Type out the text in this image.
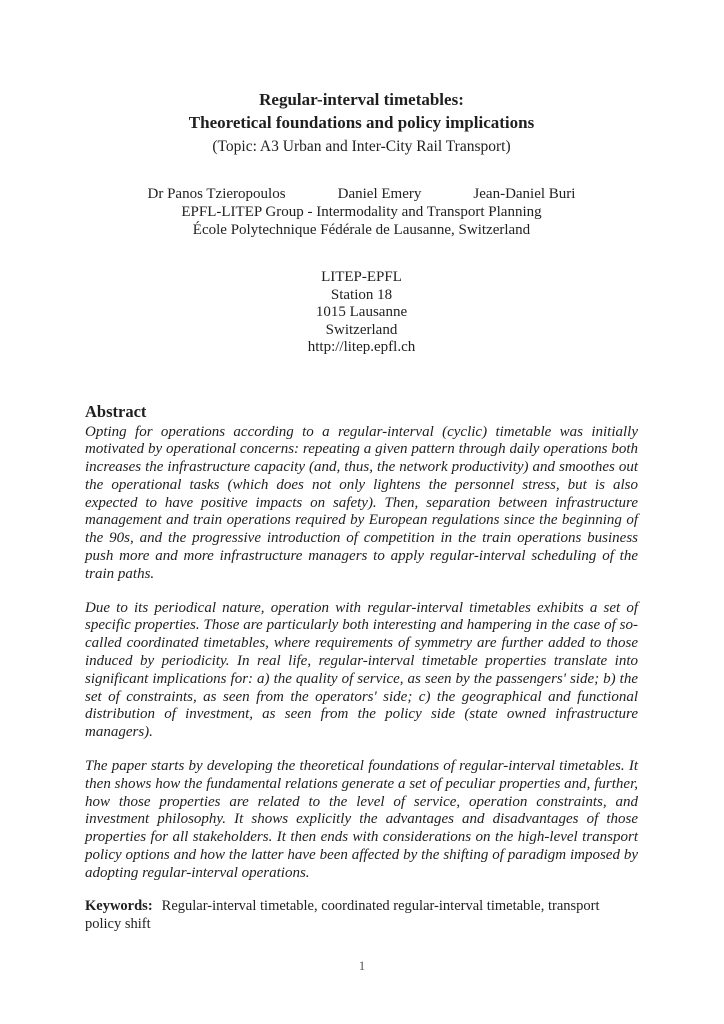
Regular-interval timetables:
Theoretical foundations and policy implications
(Topic: A3 Urban and Inter-City Rail Transport)
Dr Panos Tzieropoulos	Daniel Emery	Jean-Daniel Buri
EPFL-LITEP Group - Intermodality and Transport Planning
École Polytechnique Fédérale de Lausanne, Switzerland
LITEP-EPFL
Station 18
1015 Lausanne
Switzerland
http://litep.epfl.ch
Abstract

Opting for operations according to a regular-interval (cyclic) timetable was initially motivated by operational concerns: repeating a given pattern through daily operations both increases the infrastructure capacity (and, thus, the network productivity) and smoothes out the operational tasks (which does not only lightens the personnel stress, but is also expected to have positive impacts on safety). Then, separation between infrastructure management and train operations required by European regulations since the beginning of the 90s, and the progressive introduction of competition in the train operations business push more and more infrastructure managers to apply regular-interval scheduling of the train paths.

Due to its periodical nature, operation with regular-interval timetables exhibits a set of specific properties. Those are particularly both interesting and hampering in the case of so-called coordinated timetables, where requirements of symmetry are further added to those induced by periodicity. In real life, regular-interval timetable properties translate into significant implications for: a) the quality of service, as seen by the passengers' side; b) the set of constraints, as seen from the operators' side; c) the geographical and functional distribution of investment, as seen from the policy side (state owned infrastructure managers).

The paper starts by developing the theoretical foundations of regular-interval timetables. It then shows how the fundamental relations generate a set of peculiar properties and, further, how those properties are related to the level of service, operation constraints, and investment philosophy. It shows explicitly the advantages and disadvantages of those properties for all stakeholders. It then ends with considerations on the high-level transport policy options and how the latter have been affected by the shifting of paradigm imposed by adopting regular-interval operations.

Keywords: Regular-interval timetable, coordinated regular-interval timetable, transport policy shift
1
